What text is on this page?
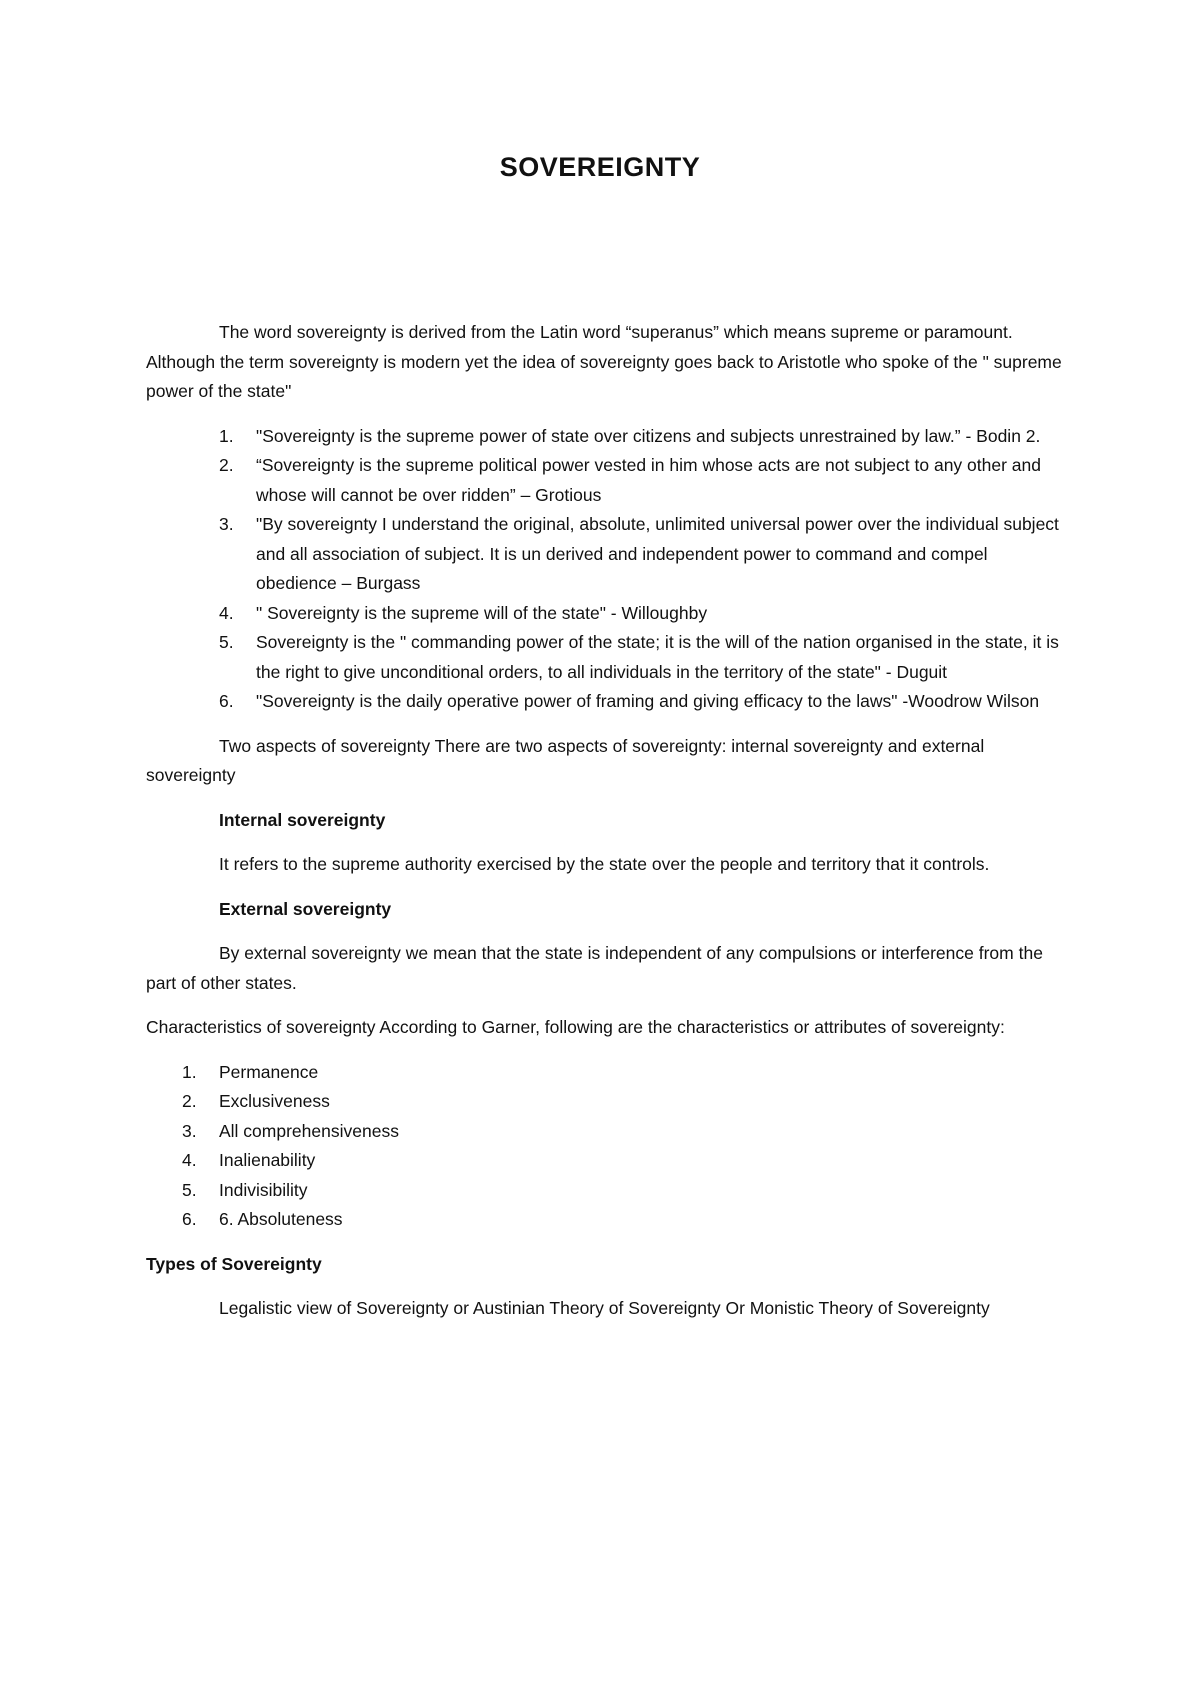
SOVEREIGNTY

The word sovereignty is derived from the Latin word “superanus” which means supreme or paramount. Although the term sovereignty is modern yet the idea of sovereignty goes back to Aristotle who spoke of the " supreme power of the state"

1.	"Sovereignty is the supreme power of state over citizens and subjects unrestrained by law.” - Bodin 2.
2.	“Sovereignty is the supreme political power vested in him whose acts are not subject to any other and whose will cannot be over ridden” – Grotious
3.	"By sovereignty I understand the original, absolute, unlimited universal power over the individual subject and all association of subject. It is un derived and independent power to command and compel obedience – Burgass
4.	" Sovereignty is the supreme will of the state" - Willoughby
5.	Sovereignty is the " commanding power of the state; it is the will of the nation organised in the state, it is the right to give unconditional orders, to all individuals in the territory of the state" - Duguit
6.	"Sovereignty is the daily operative power of framing and giving efficacy to the laws" -Woodrow Wilson

Two aspects of sovereignty There are two aspects of sovereignty: internal sovereignty and external sovereignty

Internal sovereignty

It refers to the supreme authority exercised by the state over the people and territory that it controls.

External sovereignty

By external sovereignty we mean that the state is independent of any compulsions or interference from the part of other states.

Characteristics of sovereignty According to Garner, following are the characteristics or attributes of sovereignty:

1.	Permanence
2.	Exclusiveness
3.	All comprehensiveness
4.	Inalienability
5.	Indivisibility
6.	6. Absoluteness

Types of Sovereignty

Legalistic view of Sovereignty or Austinian Theory of Sovereignty Or Monistic Theory of Sovereignty
